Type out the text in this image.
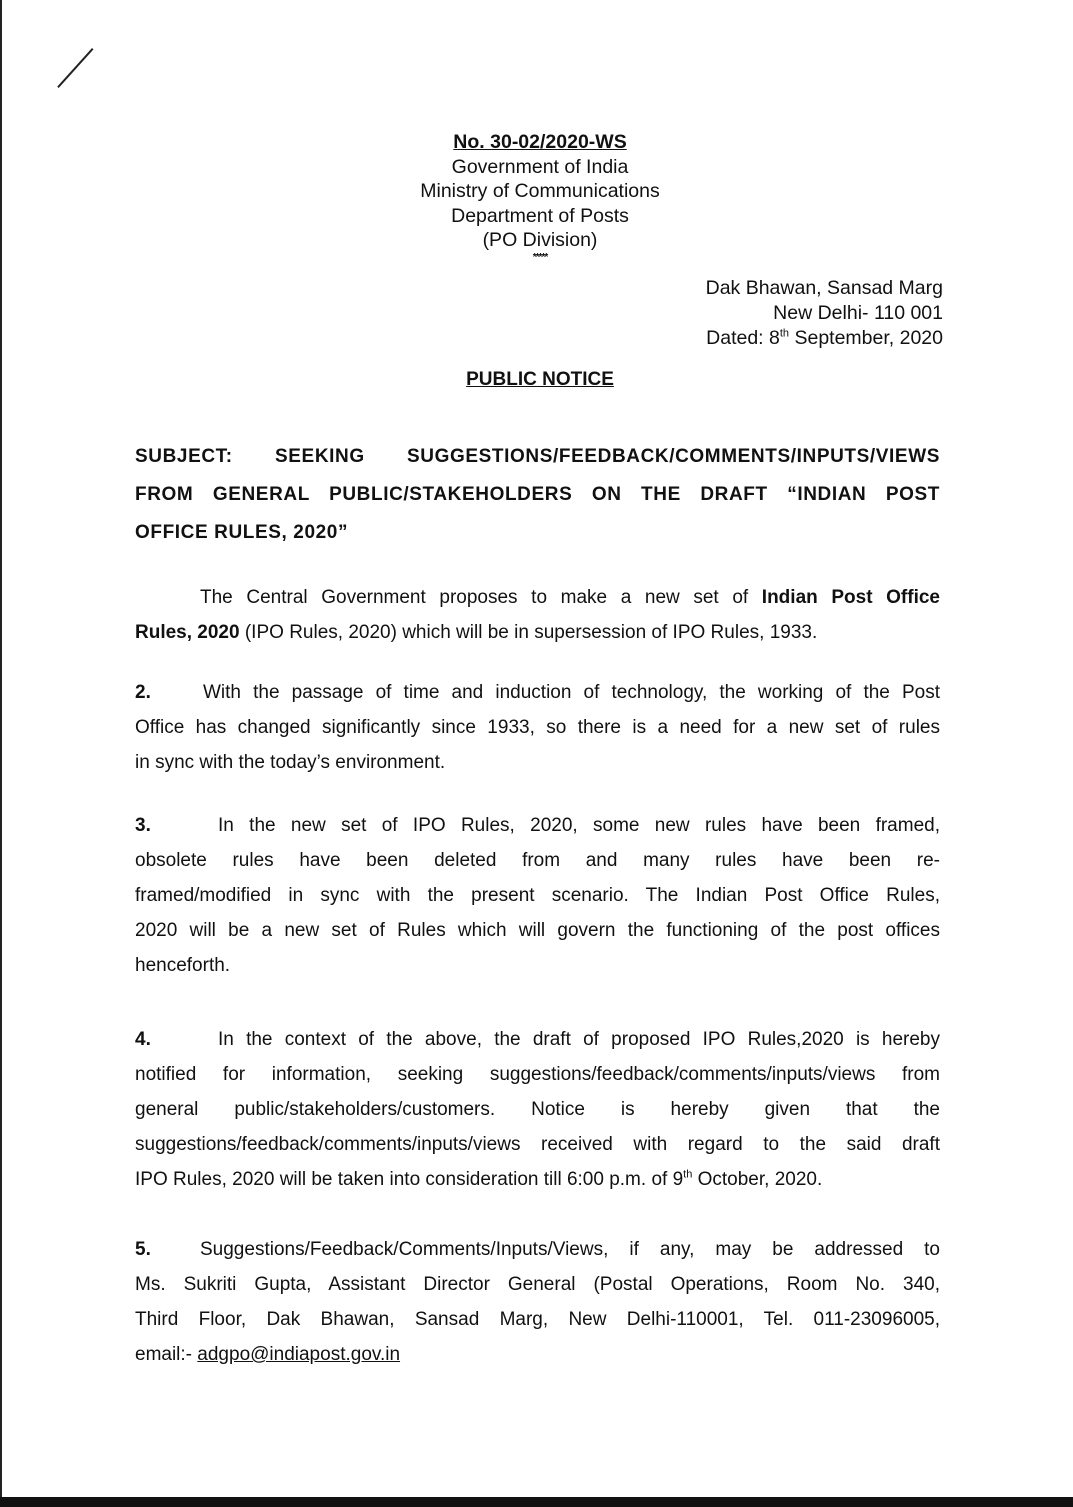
No. 30-02/2020-WS
Government of India
Ministry of Communications
Department of Posts
(PO Division)
*****
Dak Bhawan, Sansad Marg
New Delhi- 110 001
Dated: 8th September, 2020
PUBLIC NOTICE
SUBJECT: SEEKING SUGGESTIONS/FEEDBACK/COMMENTS/INPUTS/VIEWS
FROM GENERAL PUBLIC/STAKEHOLDERS ON THE DRAFT “INDIAN POST
OFFICE RULES, 2020”
The Central Government proposes to make a new set of Indian Post Office
Rules, 2020 (IPO Rules, 2020) which will be in supersession of IPO Rules, 1933.
2.	With the passage of time and induction of technology, the working of the Post
Office has changed significantly since 1933, so there is a need for a new set of rules
in sync with the today’s environment.
3.	In the new set of IPO Rules, 2020, some new rules have been framed,
obsolete rules have been deleted from and many rules have been re-
framed/modified in sync with the present scenario. The Indian Post Office Rules,
2020 will be a new set of Rules which will govern the functioning of the post offices
henceforth.
4.	In the context of the above, the draft of proposed IPO Rules,2020 is hereby
notified for information, seeking suggestions/feedback/comments/inputs/views from
general public/stakeholders/customers. Notice is hereby given that the
suggestions/feedback/comments/inputs/views received with regard to the said draft
IPO Rules, 2020 will be taken into consideration till 6:00 p.m. of 9th October, 2020.
5.	Suggestions/Feedback/Comments/Inputs/Views, if any, may be addressed to
Ms. Sukriti Gupta, Assistant Director General (Postal Operations, Room No. 340,
Third Floor, Dak Bhawan, Sansad Marg, New Delhi-110001, Tel. 011-23096005,
email:- adgpo@indiapost.gov.in
